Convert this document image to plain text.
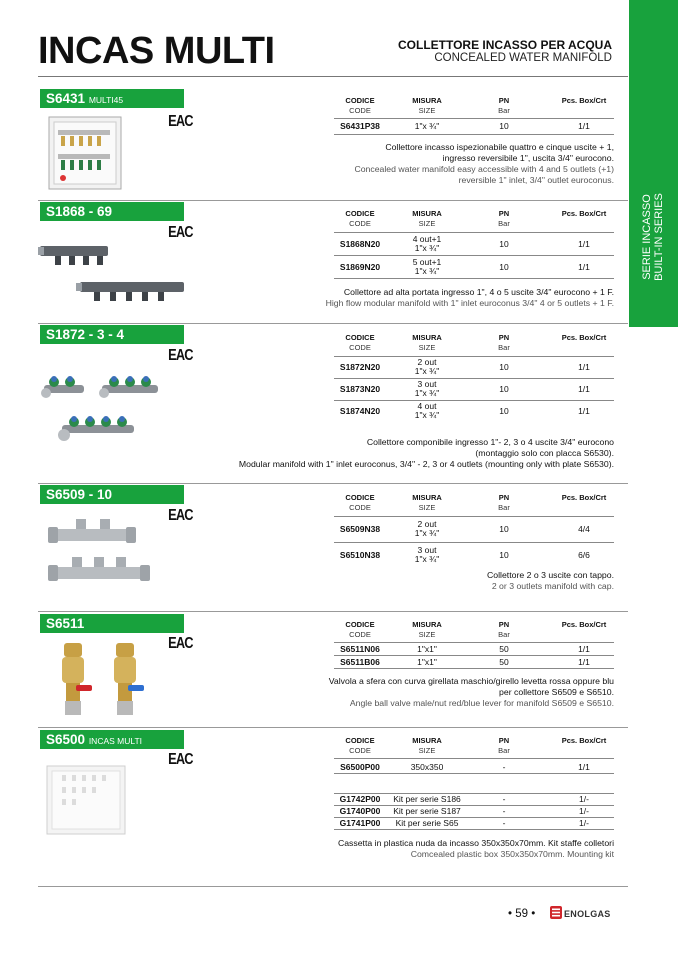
INCAS MULTI	COLLETTORE INCASSO PER ACQUA
CONCEALED WATER MANIFOLD
SERIE INCASSO BUILT-IN SERIES
S6431 MULTI45
EAC
CODICE
CODE
MISURA
SIZE
PN
Bar
Pcs. Box/Crt
S6431P38	1"x ¾"	10	1/1
Collettore incasso ispezionabile quattro e cinque uscite + 1,
ingresso reversibile 1", uscita 3/4" eurocono.
Concealed water manifold easy accessible with 4 and 5 outlets (+1)
reversible 1" inlet, 3/4" outlet euroconus.
S1868 - 69
EAC
CODICE
CODE
MISURA
SIZE
PN
Bar
Pcs. Box/Crt
S1868N20	4 out+1
1"x ¾"	10	1/1
S1869N20	5 out+1
1"x ¾"	10	1/1
Collettore ad alta portata ingresso 1", 4 o 5 uscite 3/4" eurocono + 1 F.
High flow modular manifold with 1" inlet euroconus 3/4" 4 or 5 outlets + 1 F.
S1872 - 3 - 4
EAC
CODICE
CODE
MISURA
SIZE
PN
Bar
Pcs. Box/Crt
S1872N20	2 out
1"x ¾"	10	1/1
S1873N20	3 out
1"x ¾"	10	1/1
S1874N20	4 out
1"x ¾"	10	1/1
Collettore componibile ingresso 1"- 2, 3 o 4 uscite 3/4" eurocono
(montaggio solo con placca S6530).
Modular manifold with 1" inlet euroconus, 3/4" - 2, 3 or 4 outlets (mounting only with plate S6530).
S6509 - 10
EAC
CODICE
CODE
MISURA
SIZE
PN
Bar
Pcs. Box/Crt
S6509N38	2 out
1"x ¾"	10	4/4
S6510N38	3 out
1"x ¾"	10	6/6
Collettore 2 o 3 uscite con tappo.
2 or 3 outlets manifold with cap.
S6511
EAC
CODICE
CODE
MISURA
SIZE
PN
Bar
Pcs. Box/Crt
S6511N06	1"x1"	50	1/1
S6511B06	1"x1"	50	1/1
Valvola a sfera con curva girellata maschio/girello levetta rossa oppure blu
per collettore S6509 e S6510.
Angle ball valve male/nut red/blue lever for manifold S6509 e S6510.
S6500 INCAS MULTI
EAC
CODICE
CODE
MISURA
SIZE
PN
Bar
Pcs. Box/Crt
S6500P00	350x350	-	1/1
G1742P00	Kit per serie S186	-	1/-
G1740P00	Kit per serie S187	-	1/-
G1741P00	Kit per serie S65	-	1/-
Cassetta in plastica nuda da incasso 350x350x70mm. Kit staffe colletori
Comcealed plastic box 350x350x70mm. Mounting kit
• 59 •	ENOLGAS
